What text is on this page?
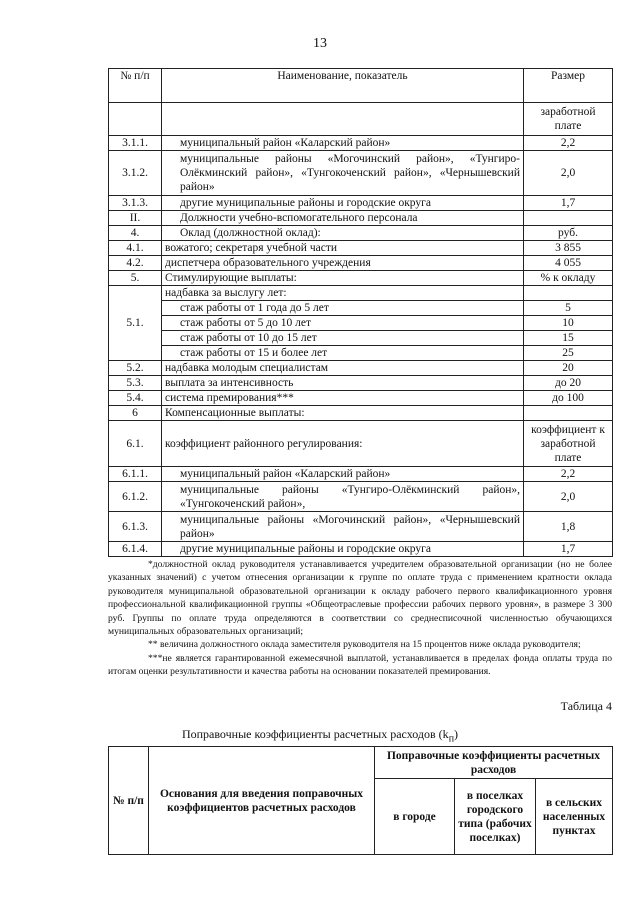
13
№ п/п	Наименование, показатель	Размер
		заработной плате
3.1.1.	муниципальный район «Каларский район»	2,2
3.1.2.	муниципальные районы «Могочинский район», «Тунгиро-Олёкминский район», «Тунгокоченский район», «Чернышевский район»	2,0
3.1.3.	другие муниципальные районы и городские округа	1,7
II.	Должности учебно-вспомогательного персонала	
4.	Оклад (должностной оклад):	руб.
4.1.	вожатого; секретаря учебной части	3 855
4.2.	диспетчера образовательного учреждения	4 055
5.	Стимулирующие выплаты:	% к окладу
5.1.	надбавка за выслугу лет:	
	стаж работы от 1 года до 5 лет	5
	стаж работы от 5 до 10 лет	10
	стаж работы от 10 до 15 лет	15
	стаж работы от 15 и более лет	25
5.2.	надбавка молодым специалистам	20
5.3.	выплата за интенсивность	до 20
5.4.	система премирования***	до 100
6	Компенсационные выплаты:	
6.1.	коэффициент районного регулирования:	коэффициент к заработной плате
6.1.1.	муниципальный район «Каларский район»	2,2
6.1.2.	муниципальные районы «Тунгиро-Олёкминский район», «Тунгокоченский район»,	2,0
6.1.3.	муниципальные районы «Могочинский район», «Чернышевский район»	1,8
6.1.4.	другие муниципальные районы и городские округа	1,7

*должностной оклад руководителя устанавливается учредителем образовательной организации (но не более указанных значений) с учетом отнесения организации к группе по оплате труда с применением кратности оклада руководителя муниципальной образовательной организации к окладу рабочего первого квалификационного уровня профессиональной квалификационной группы «Общеотраслевые профессии рабочих первого уровня», в размере 3 300 руб. Группы по оплате труда определяются в соответствии со среднесписочной численностью обучающихся муниципальных образовательных организаций;

** величина должностного оклада заместителя руководителя на 15 процентов ниже оклада руководителя;

***не является гарантированной ежемесячной выплатой, устанавливается в пределах фонда оплаты труда по итогам оценки результативности и качества работы на основании показателей премирования.

Таблица 4
Поправочные коэффициенты расчетных расходов $(k_п)$
№ п/п	Основания для введения поправочных коэффициентов расчетных расходов	Поправочные коэффициенты расчетных расходов		
		в городе	в поселках городского типа (рабочих поселках)	в сельских населенных пунктах
